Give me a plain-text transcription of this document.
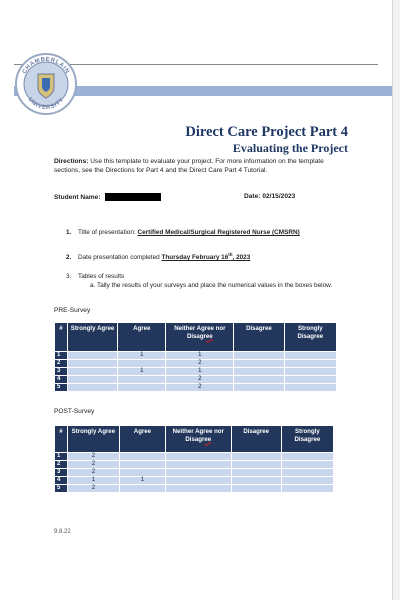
CHAMBERLAIN
UNIVERSITY
Direct Care Project Part 4
Evaluating the Project
Directions: Use this template to evaluate your project. For more information on the template sections, see the Directions for Part 4 and the Direct Care Part 4 Tutorial.
Student Name:	Date: 02/15/2023
1. Title of presentation: Certified Medical/Surgical Registered Nurse (CMSRN)
2. Date presentation completed Thursday February 16th, 2023
3. Tables of results
a. Tally the results of your surveys and place the numerical values in the boxes below.
PRE-Survey
#	Strongly Agree	Agree	Neither Agree nor Disagree	Disagree	Strongly Disagree
1		1	1		
2			2		
3		1	1		
4			2		
5			2		
POST-Survey
#	Strongly Agree	Agree	Neither Agree nor Disagree	Disagree	Strongly Disagree
1	2				
2	2				
3	2				
4	1	1			
5	2				
9.8.22
